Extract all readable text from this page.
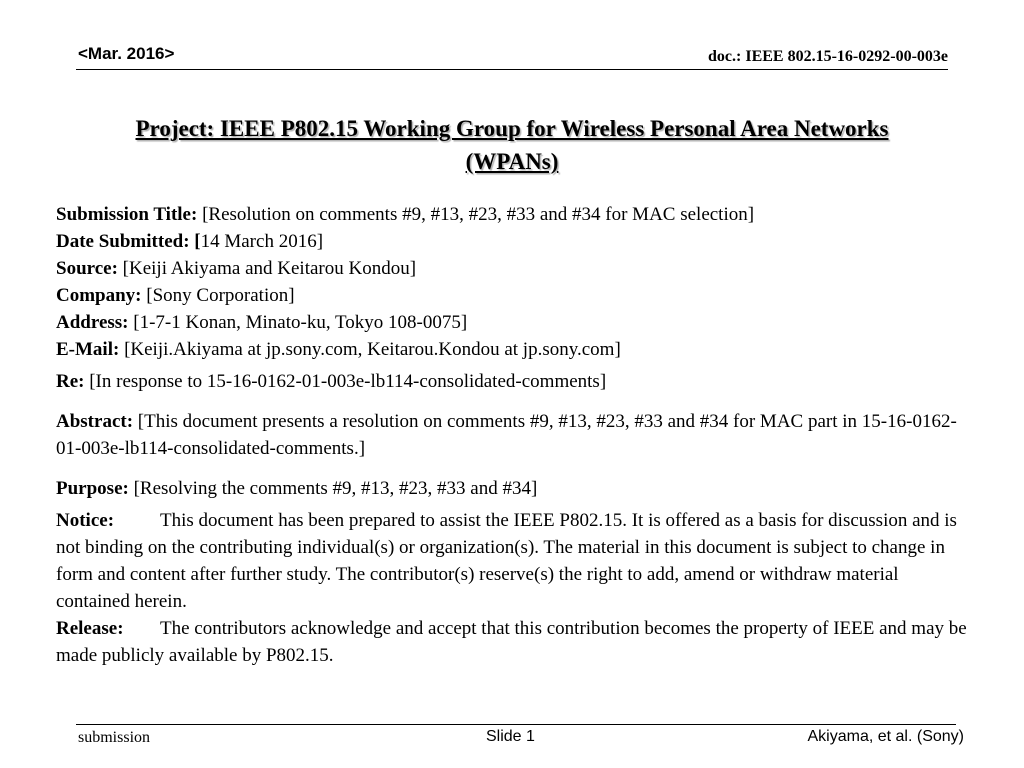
<Mar. 2016>	doc.: IEEE 802.15-16-0292-00-003e
Project: IEEE P802.15 Working Group for Wireless Personal Area Networks
(WPANs)
Submission Title: [Resolution on comments #9, #13, #23, #33 and #34 for MAC selection]
Date Submitted: [14 March 2016]
Source: [Keiji Akiyama and Keitarou Kondou]
Company: [Sony Corporation]
Address: [1-7-1 Konan, Minato-ku, Tokyo 108-0075]
E-Mail: [Keiji.Akiyama at jp.sony.com, Keitarou.Kondou at jp.sony.com]
Re: [In response to 15-16-0162-01-003e-lb114-consolidated-comments]
Abstract: [This document presents a resolution on comments #9, #13, #23, #33 and #34 for MAC part in 15-16-0162-01-003e-lb114-consolidated-comments.]
Purpose: [Resolving the comments #9, #13, #23, #33 and #34]
Notice: This document has been prepared to assist the IEEE P802.15. It is offered as a basis for discussion and is not binding on the contributing individual(s) or organization(s). The material in this document is subject to change in form and content after further study. The contributor(s) reserve(s) the right to add, amend or withdraw material contained herein.
Release: The contributors acknowledge and accept that this contribution becomes the property of IEEE and may be made publicly available by P802.15.
submission	Slide 1	Akiyama, et al. (Sony)
